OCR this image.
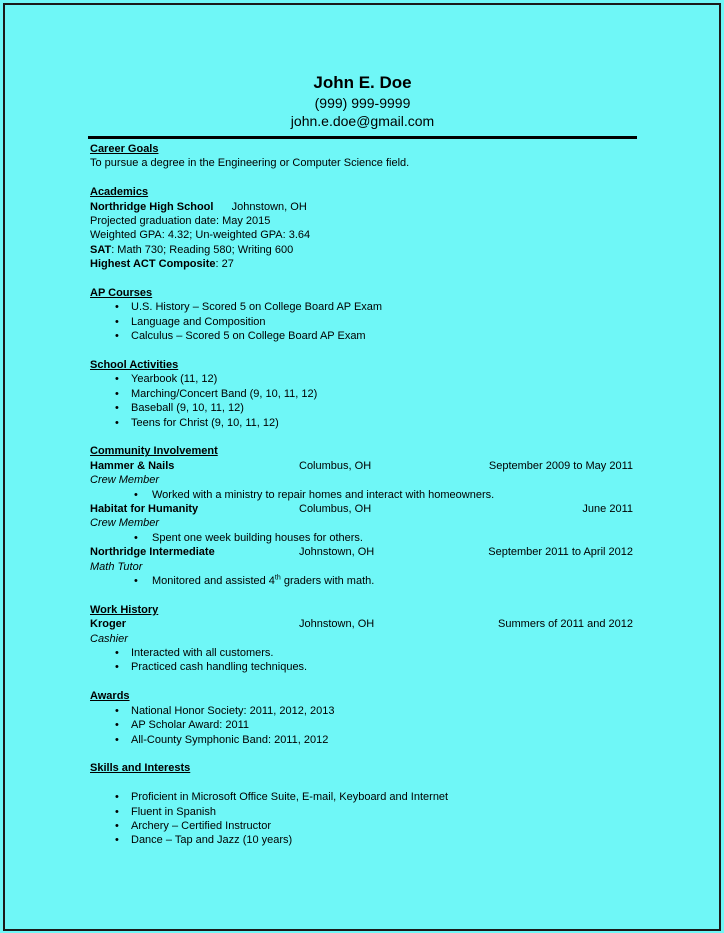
John E. Doe
(999) 999-9999
john.e.doe@gmail.com
Career Goals
To pursue a degree in the Engineering or Computer Science field.
Academics
Northridge High School Johnstown, OH
Projected graduation date: May 2015
Weighted GPA: 4.32; Un-weighted GPA: 3.64
SAT: Math 730; Reading 580; Writing 600
Highest ACT Composite: 27
AP Courses
• U.S. History – Scored 5 on College Board AP Exam
• Language and Composition
• Calculus – Scored 5 on College Board AP Exam
School Activities
• Yearbook (11, 12)
• Marching/Concert Band (9, 10, 11, 12)
• Baseball (9, 10, 11, 12)
• Teens for Christ (9, 10, 11, 12)
Community Involvement
Hammer & Nails	Columbus, OH	September 2009 to May 2011
Crew Member
• Worked with a ministry to repair homes and interact with homeowners.
Habitat for Humanity	Columbus, OH	June 2011
Crew Member
• Spent one week building houses for others.
Northridge Intermediate	Johnstown, OH	September 2011 to April 2012
Math Tutor
• Monitored and assisted 4th graders with math.
Work History
Kroger	Johnstown, OH	Summers of 2011 and 2012
Cashier
• Interacted with all customers.
• Practiced cash handling techniques.
Awards
• National Honor Society: 2011, 2012, 2013
• AP Scholar Award: 2011
• All-County Symphonic Band: 2011, 2012
Skills and Interests
• Proficient in Microsoft Office Suite, E-mail, Keyboard and Internet
• Fluent in Spanish
• Archery – Certified Instructor
• Dance – Tap and Jazz (10 years)
